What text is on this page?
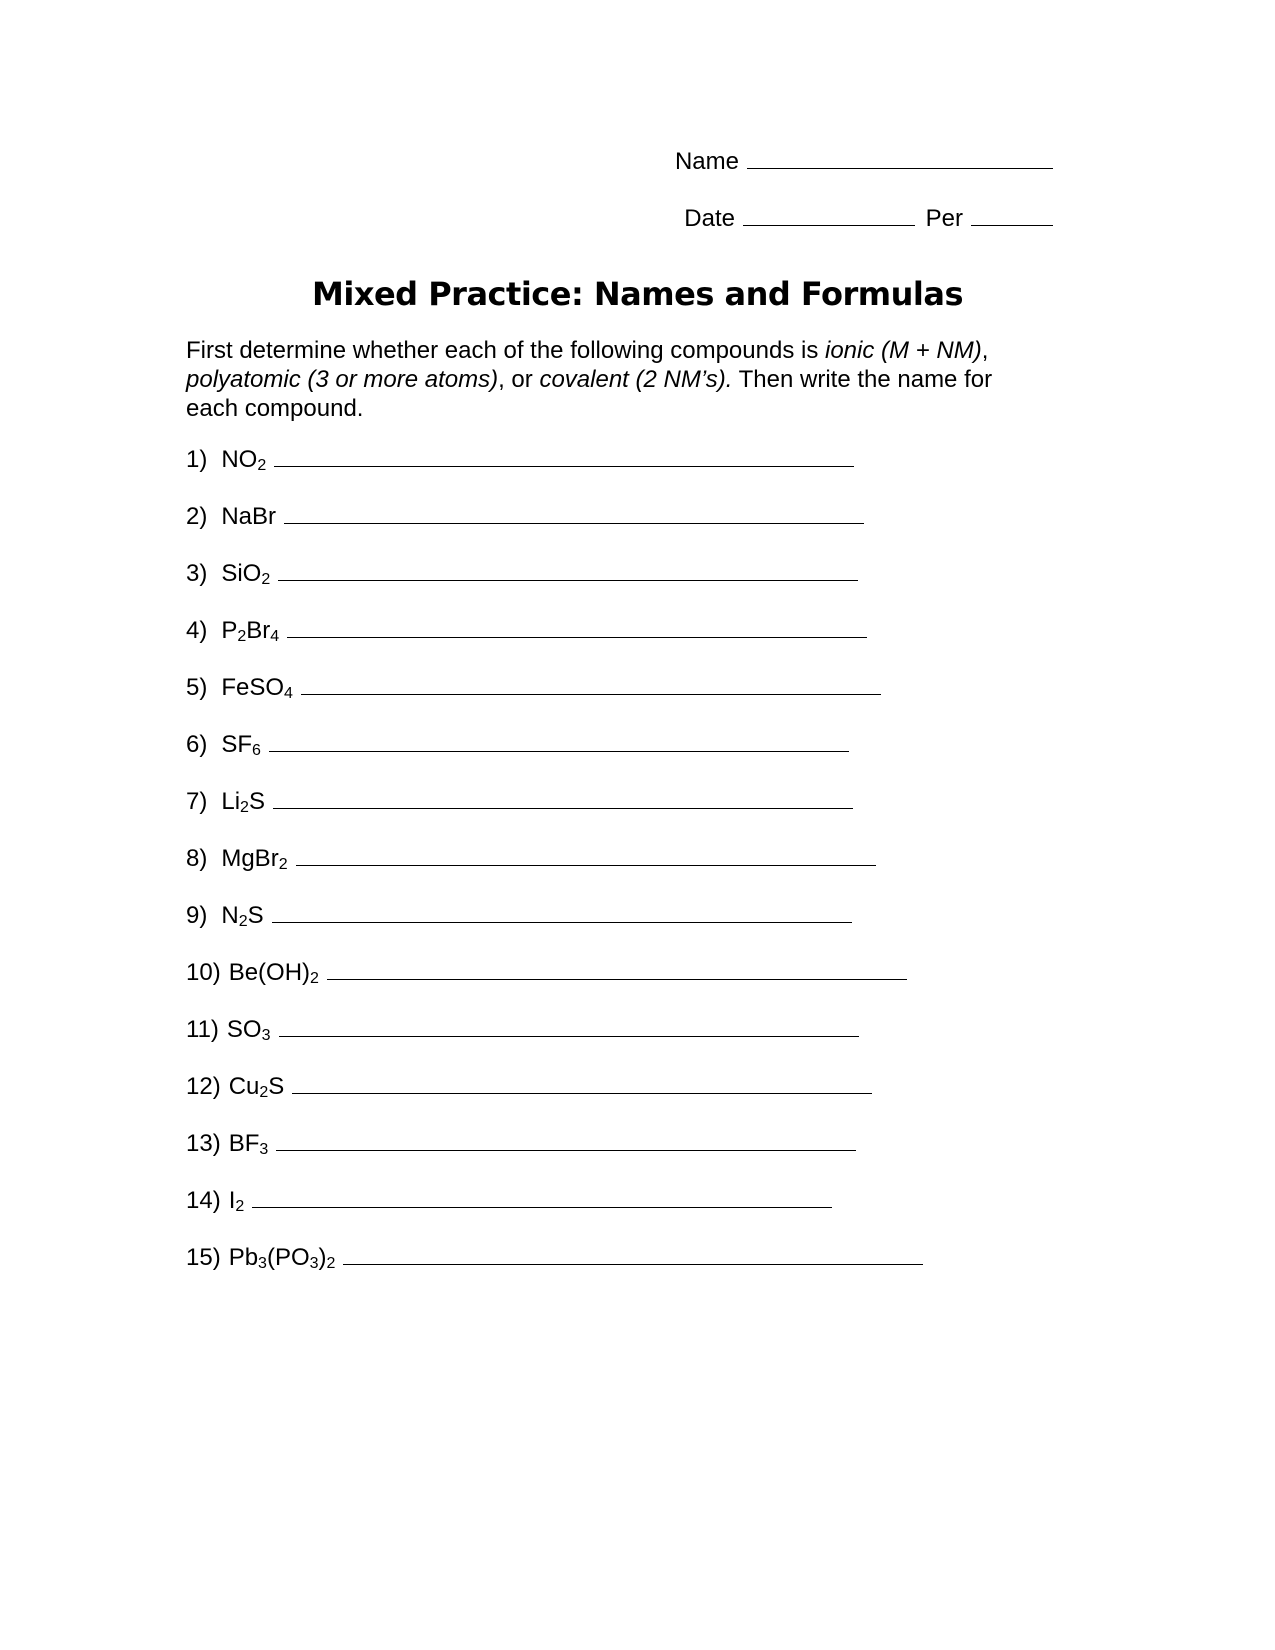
Name
Date	Per
Mixed Practice: Names and Formulas

First determine whether each of the following compounds is ionic (M + NM), polyatomic (3 or more atoms), or covalent (2 NM’s). Then write the name for each compound.

1) $NO_2$
2) NaBr
3) SiO$_2$
4) $P_2Br_4$
5) FeSO$_4$
6) $SF_6$
7) $Li_2S$
8) MgBr$_2$
9) $N_2S$
10) $Be(OH)_2$
11) $SO_3$
12) $Cu_2S$
13) $BF_3$
14) $I_2$
15) $Pb_3(PO_3)_2$
